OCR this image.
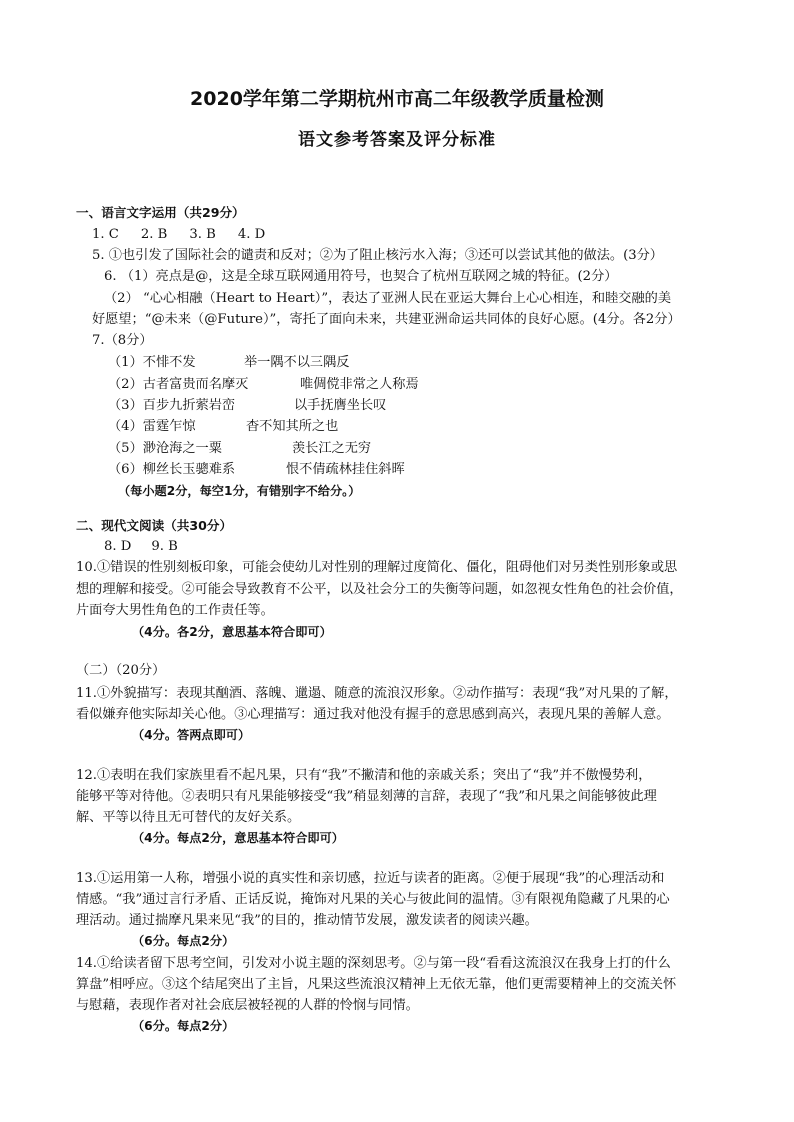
2020学年第二学期杭州市高二年级教学质量检测
语文参考答案及评分标准
一、语言文字运用（共29分）
1. C 2. B 3. B 4. D
5. ①也引发了国际社会的谴责和反对；②为了阻止核污水入海；③还可以尝试其他的做法。(3分）
6. （1）亮点是@，这是全球互联网通用符号，也契合了杭州互联网之城的特征。(2分）
（2） “心心相融（Heart to Heart）”，表达了亚洲人民在亚运大舞台上心心相连，和睦交融的美
好愿望；“@未来（@Future）”，寄托了面向未来，共建亚洲命运共同体的良好心愿。(4分。各2分）
7.（8分）
（1）不悱不发	举一隅不以三隅反
（2）古者富贵而名摩灭	唯倜傥非常之人称焉
（3）百步九折萦岩峦	以手抚膺坐长叹
（4）雷霆乍惊	杳不知其所之也
（5）渺沧海之一粟	羡长江之无穷
（6）柳丝长玉骢难系	恨不倩疏林挂住斜晖
（每小题2分，每空1分，有错别字不给分。）
二、现代文阅读（共30分）
8. D 9. B
10.①错误的性别刻板印象，可能会使幼儿对性别的理解过度简化、僵化，阻碍他们对另类性别形象或思
想的理解和接受。②可能会导致教育不公平，以及社会分工的失衡等问题，如忽视女性角色的社会价值，
片面夸大男性角色的工作责任等。
（4分。各2分，意思基本符合即可）
（二）（20分）
11.①外貌描写：表现其酗酒、落魄、邋遢、随意的流浪汉形象。②动作描写：表现“我”对凡果的了解，
看似嫌弃他实际却关心他。③心理描写：通过我对他没有握手的意思感到高兴，表现凡果的善解人意。
（4分。答两点即可）
12.①表明在我们家族里看不起凡果，只有“我”不撇清和他的亲戚关系；突出了“我”并不傲慢势利，
能够平等对待他。②表明只有凡果能够接受“我”稍显刻薄的言辞，表现了“我”和凡果之间能够彼此理
解、平等以待且无可替代的友好关系。
（4分。每点2分，意思基本符合即可）
13.①运用第一人称，增强小说的真实性和亲切感，拉近与读者的距离。②便于展现“我”的心理活动和
情感。“我”通过言行矛盾、正话反说，掩饰对凡果的关心与彼此间的温情。③有限视角隐藏了凡果的心
理活动。通过揣摩凡果来见“我”的目的，推动情节发展，激发读者的阅读兴趣。
（6分。每点2分）
14.①给读者留下思考空间，引发对小说主题的深刻思考。②与第一段“看看这流浪汉在我身上打的什么
算盘”相呼应。③这个结尾突出了主旨，凡果这些流浪汉精神上无依无靠，他们更需要精神上的交流关怀
与慰藉，表现作者对社会底层被轻视的人群的怜悯与同情。
（6分。每点2分）
